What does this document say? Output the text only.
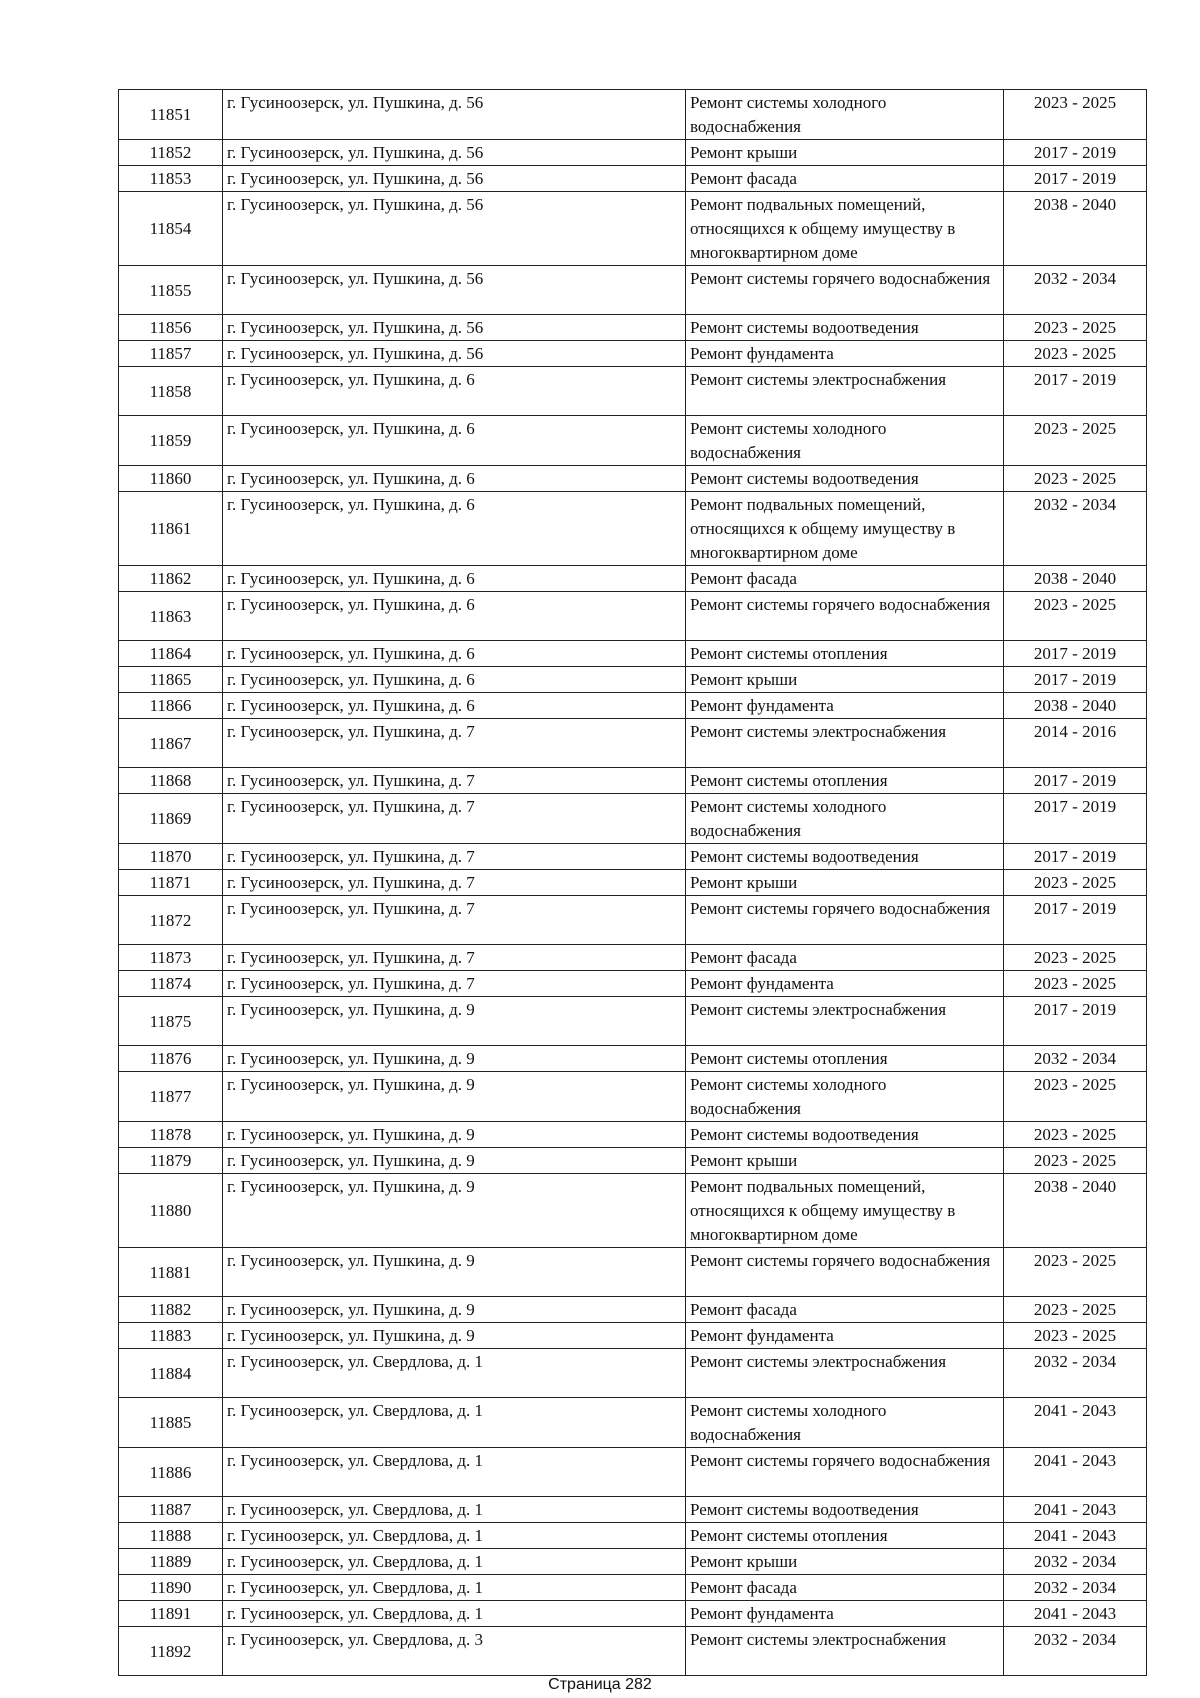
11851	г. Гусиноозерск, ул. Пушкина, д. 56	Ремонт системы холодного водоснабжения	2023 - 2025
11852	г. Гусиноозерск, ул. Пушкина, д. 56	Ремонт крыши	2017 - 2019
11853	г. Гусиноозерск, ул. Пушкина, д. 56	Ремонт фасада	2017 - 2019
11854	г. Гусиноозерск, ул. Пушкина, д. 56	Ремонт подвальных помещений, относящихся к общему имуществу в многоквартирном доме	2038 - 2040
11855	г. Гусиноозерск, ул. Пушкина, д. 56	Ремонт системы горячего водоснабжения	2032 - 2034
11856	г. Гусиноозерск, ул. Пушкина, д. 56	Ремонт системы водоотведения	2023 - 2025
11857	г. Гусиноозерск, ул. Пушкина, д. 56	Ремонт фундамента	2023 - 2025
11858	г. Гусиноозерск, ул. Пушкина, д. 6	Ремонт системы электроснабжения	2017 - 2019
11859	г. Гусиноозерск, ул. Пушкина, д. 6	Ремонт системы холодного водоснабжения	2023 - 2025
11860	г. Гусиноозерск, ул. Пушкина, д. 6	Ремонт системы водоотведения	2023 - 2025
11861	г. Гусиноозерск, ул. Пушкина, д. 6	Ремонт подвальных помещений, относящихся к общему имуществу в многоквартирном доме	2032 - 2034
11862	г. Гусиноозерск, ул. Пушкина, д. 6	Ремонт фасада	2038 - 2040
11863	г. Гусиноозерск, ул. Пушкина, д. 6	Ремонт системы горячего водоснабжения	2023 - 2025
11864	г. Гусиноозерск, ул. Пушкина, д. 6	Ремонт системы отопления	2017 - 2019
11865	г. Гусиноозерск, ул. Пушкина, д. 6	Ремонт крыши	2017 - 2019
11866	г. Гусиноозерск, ул. Пушкина, д. 6	Ремонт фундамента	2038 - 2040
11867	г. Гусиноозерск, ул. Пушкина, д. 7	Ремонт системы электроснабжения	2014 - 2016
11868	г. Гусиноозерск, ул. Пушкина, д. 7	Ремонт системы отопления	2017 - 2019
11869	г. Гусиноозерск, ул. Пушкина, д. 7	Ремонт системы холодного водоснабжения	2017 - 2019
11870	г. Гусиноозерск, ул. Пушкина, д. 7	Ремонт системы водоотведения	2017 - 2019
11871	г. Гусиноозерск, ул. Пушкина, д. 7	Ремонт крыши	2023 - 2025
11872	г. Гусиноозерск, ул. Пушкина, д. 7	Ремонт системы горячего водоснабжения	2017 - 2019
11873	г. Гусиноозерск, ул. Пушкина, д. 7	Ремонт фасада	2023 - 2025
11874	г. Гусиноозерск, ул. Пушкина, д. 7	Ремонт фундамента	2023 - 2025
11875	г. Гусиноозерск, ул. Пушкина, д. 9	Ремонт системы электроснабжения	2017 - 2019
11876	г. Гусиноозерск, ул. Пушкина, д. 9	Ремонт системы отопления	2032 - 2034
11877	г. Гусиноозерск, ул. Пушкина, д. 9	Ремонт системы холодного водоснабжения	2023 - 2025
11878	г. Гусиноозерск, ул. Пушкина, д. 9	Ремонт системы водоотведения	2023 - 2025
11879	г. Гусиноозерск, ул. Пушкина, д. 9	Ремонт крыши	2023 - 2025
11880	г. Гусиноозерск, ул. Пушкина, д. 9	Ремонт подвальных помещений, относящихся к общему имуществу в многоквартирном доме	2038 - 2040
11881	г. Гусиноозерск, ул. Пушкина, д. 9	Ремонт системы горячего водоснабжения	2023 - 2025
11882	г. Гусиноозерск, ул. Пушкина, д. 9	Ремонт фасада	2023 - 2025
11883	г. Гусиноозерск, ул. Пушкина, д. 9	Ремонт фундамента	2023 - 2025
11884	г. Гусиноозерск, ул. Свердлова, д. 1	Ремонт системы электроснабжения	2032 - 2034
11885	г. Гусиноозерск, ул. Свердлова, д. 1	Ремонт системы холодного водоснабжения	2041 - 2043
11886	г. Гусиноозерск, ул. Свердлова, д. 1	Ремонт системы горячего водоснабжения	2041 - 2043
11887	г. Гусиноозерск, ул. Свердлова, д. 1	Ремонт системы водоотведения	2041 - 2043
11888	г. Гусиноозерск, ул. Свердлова, д. 1	Ремонт системы отопления	2041 - 2043
11889	г. Гусиноозерск, ул. Свердлова, д. 1	Ремонт крыши	2032 - 2034
11890	г. Гусиноозерск, ул. Свердлова, д. 1	Ремонт фасада	2032 - 2034
11891	г. Гусиноозерск, ул. Свердлова, д. 1	Ремонт фундамента	2041 - 2043
11892	г. Гусиноозерск, ул. Свердлова, д. 3	Ремонт системы электроснабжения	2032 - 2034
Страница 282
